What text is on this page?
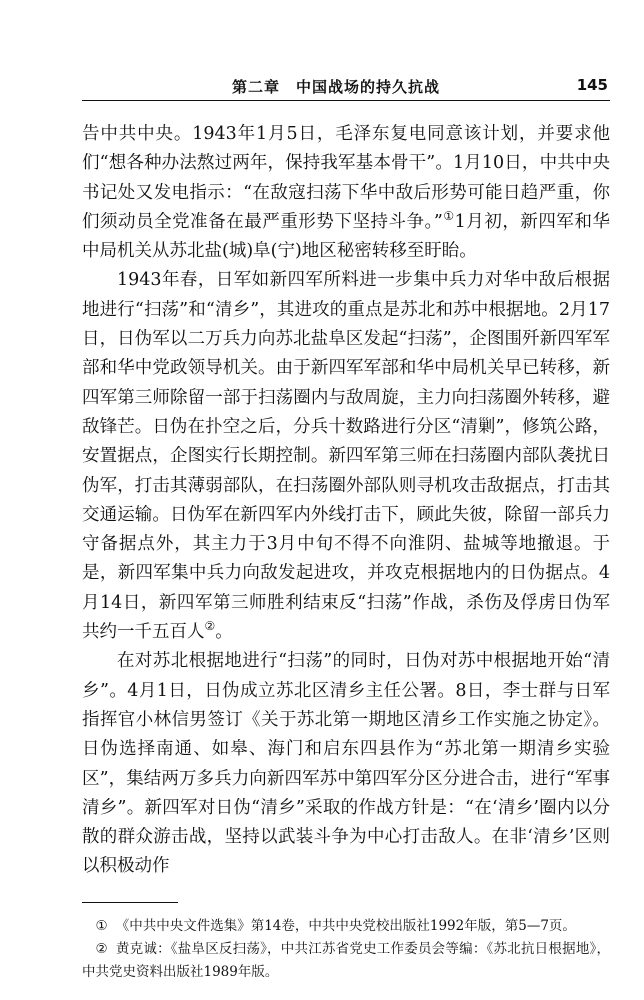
第二章　中国战场的持久抗战	145

告中共中央。1943年1月5日，毛泽东复电同意该计划，并要求他们“想各种办法熬过两年，保持我军基本骨干”。1月10日，中共中央书记处又发电指示：“在敌寇扫荡下华中敌后形势可能日趋严重，你们须动员全党准备在最严重形势下坚持斗争。”①1月初，新四军和华中局机关从苏北盐(城)阜(宁)地区秘密转移至盱眙。

1943年春，日军如新四军所料进一步集中兵力对华中敌后根据地进行“扫荡”和“清乡”，其进攻的重点是苏北和苏中根据地。2月17日，日伪军以二万兵力向苏北盐阜区发起“扫荡”，企图围歼新四军军部和华中党政领导机关。由于新四军军部和华中局机关早已转移，新四军第三师除留一部于扫荡圈内与敌周旋，主力向扫荡圈外转移，避敌锋芒。日伪在扑空之后，分兵十数路进行分区“清剿”，修筑公路，安置据点，企图实行长期控制。新四军第三师在扫荡圈内部队袭扰日伪军，打击其薄弱部队，在扫荡圈外部队则寻机攻击敌据点，打击其交通运输。日伪军在新四军内外线打击下，顾此失彼，除留一部兵力守备据点外，其主力于3月中旬不得不向淮阴、盐城等地撤退。于是，新四军集中兵力向敌发起进攻，并攻克根据地内的日伪据点。4月14日，新四军第三师胜利结束反“扫荡”作战，杀伤及俘虏日伪军共约一千五百人②。

在对苏北根据地进行“扫荡”的同时，日伪对苏中根据地开始“清乡”。4月1日，日伪成立苏北区清乡主任公署。8日，李士群与日军指挥官小林信男签订《关于苏北第一期地区清乡工作实施之协定》。日伪选择南通、如皋、海门和启东四县作为“苏北第一期清乡实验区”，集结两万多兵力向新四军苏中第四军分区分进合击，进行“军事清乡”。新四军对日伪“清乡”采取的作战方针是：“在‘清乡’圈内以分散的群众游击战，坚持以武装斗争为中心打击敌人。在非‘清乡’区则以积极动作

① 《中共中央文件选集》第14卷，中共中央党校出版社1992年版，第5—7页。

② 黄克诚：《盐阜区反扫荡》，中共江苏省党史工作委员会等编：《苏北抗日根据地》，中共党史资料出版社1989年版。
